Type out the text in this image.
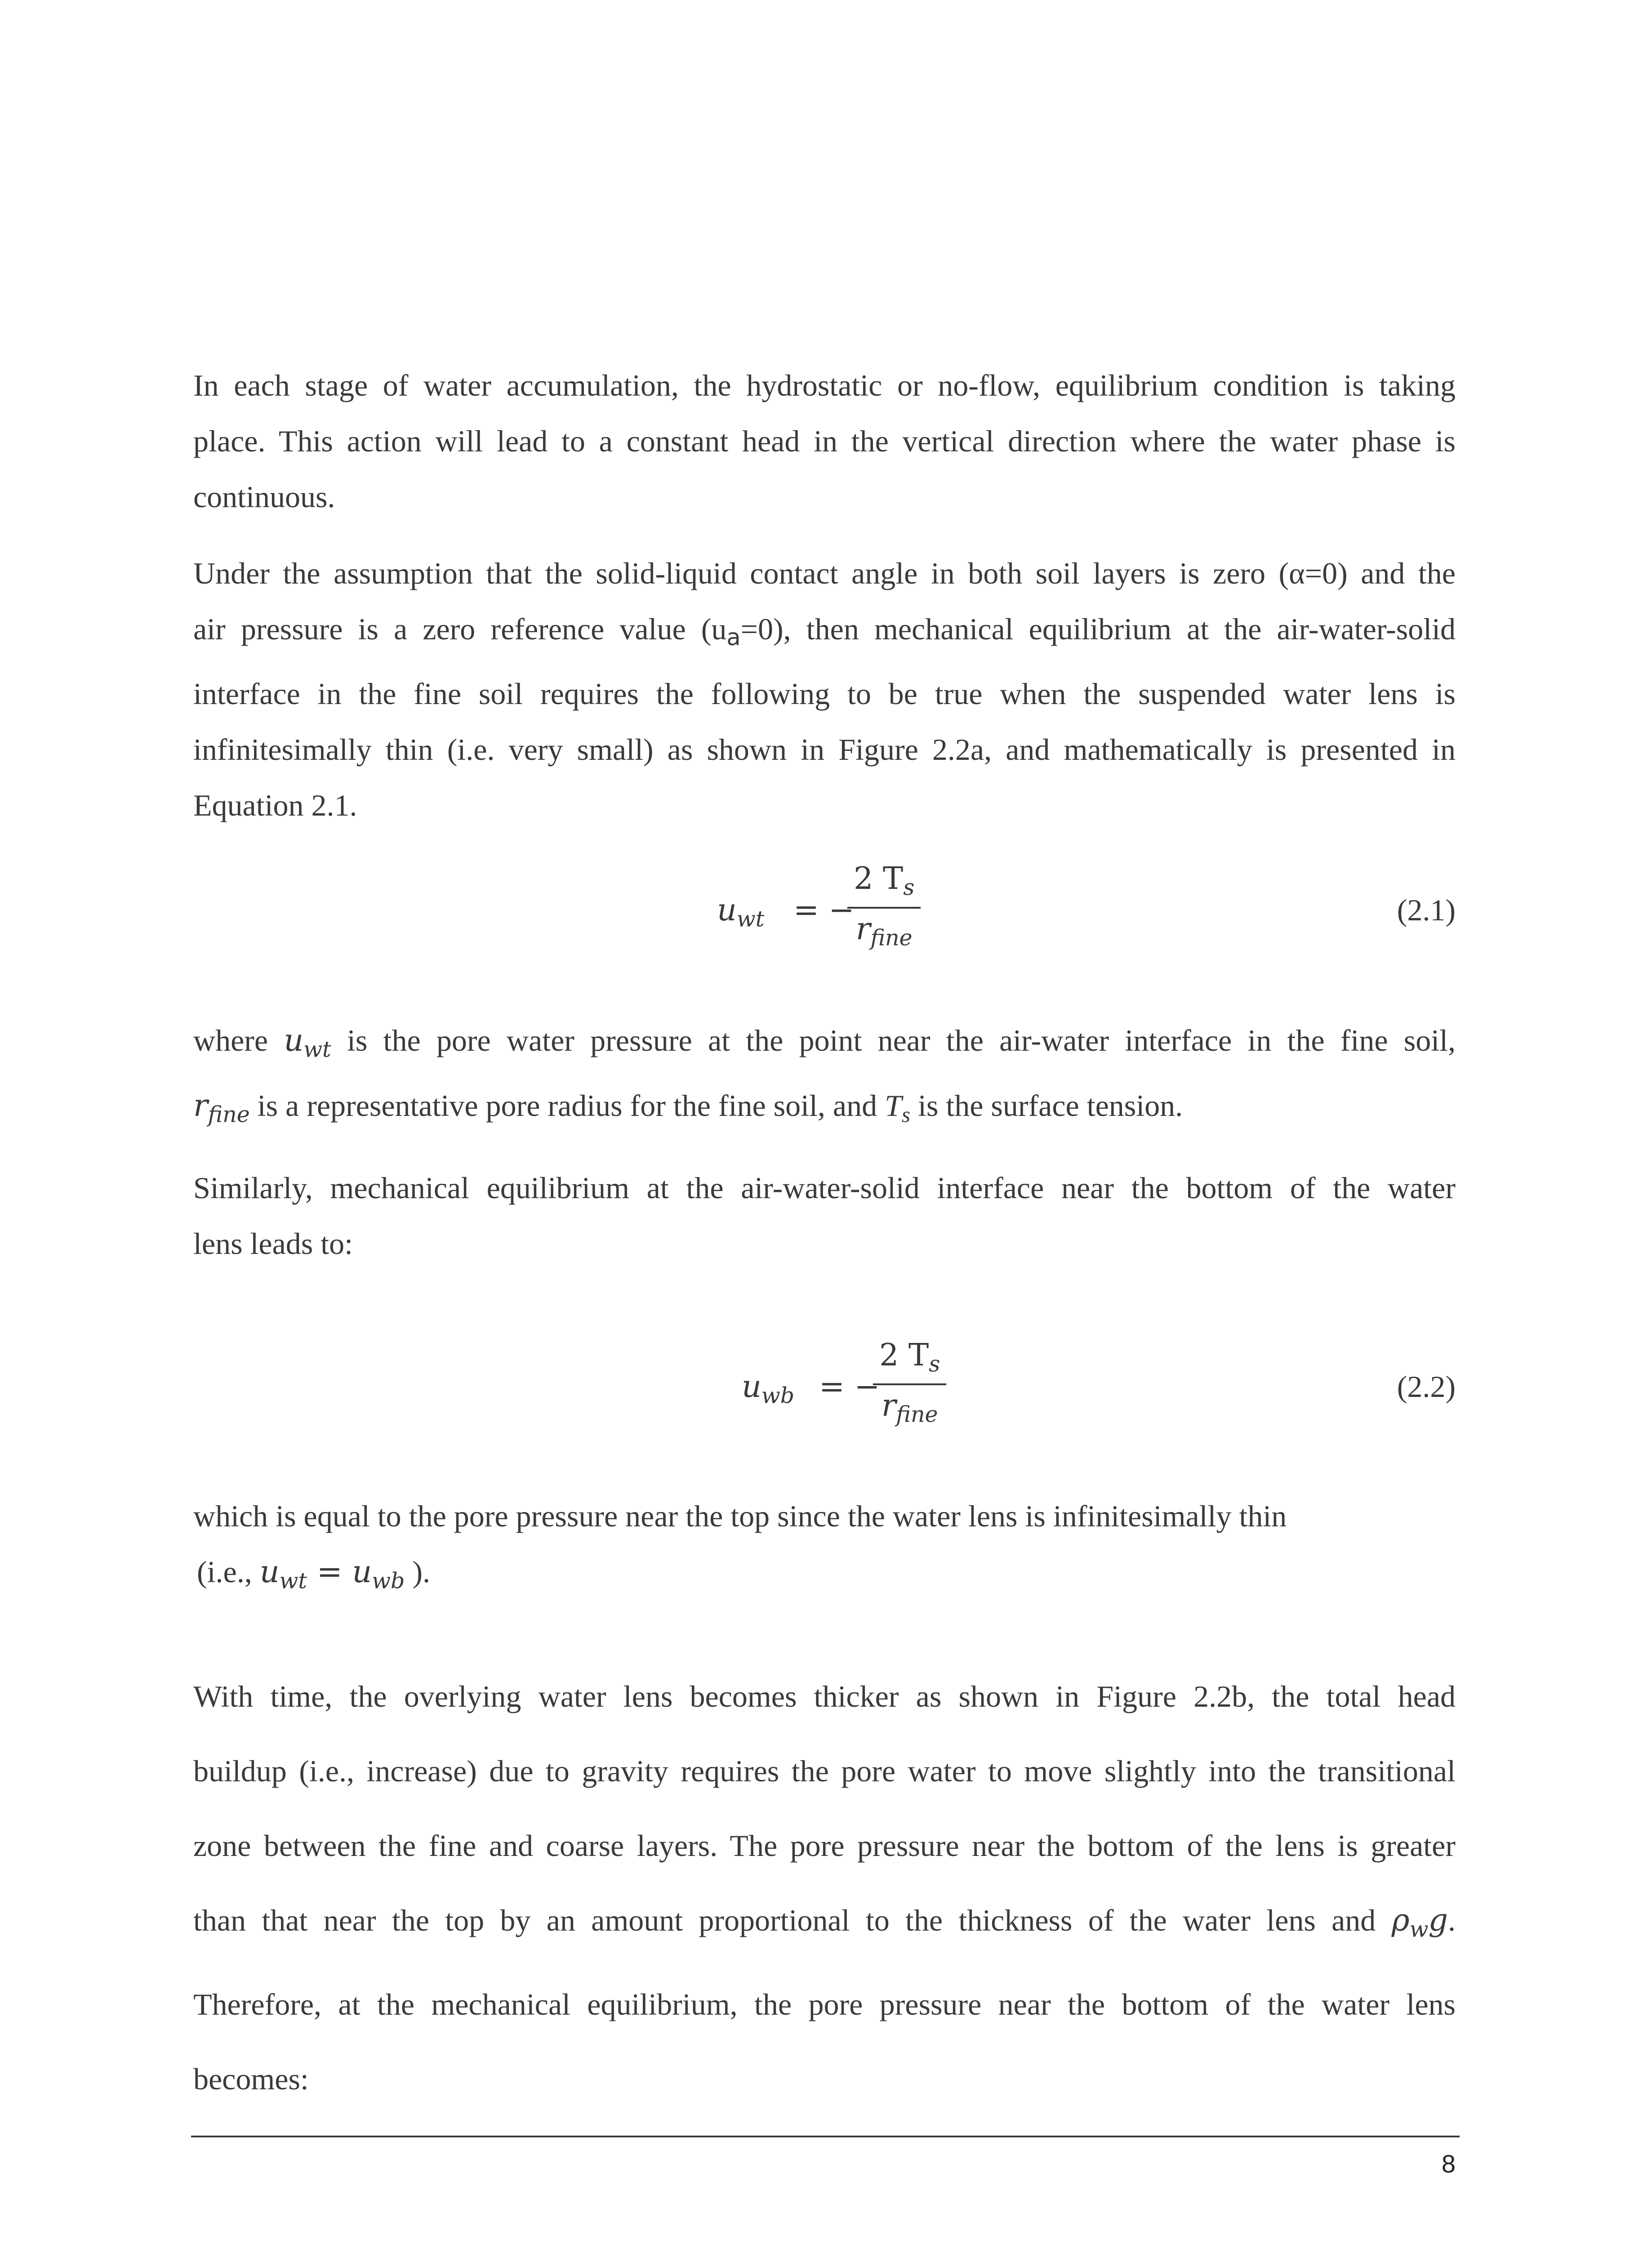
In each stage of water accumulation, the hydrostatic or no-flow, equilibrium condition is taking
place. This action will lead to a constant head in the vertical direction where the water phase is
continuous.
Under the assumption that the solid-liquid contact angle in both soil layers is zero (α=0) and the
air pressure is a zero reference value (ua=0), then mechanical equilibrium at the air-water-solid
interface in the fine soil requires the following to be true when the suspended water lens is
infinitesimally thin (i.e. very small) as shown in Figure 2.2a, and mathematically is presented in
Equation 2.1.
$u_{wt}$ = −
2 $T_s$
$r_{fine}$
(2.1)
where $u_{wt}$ is the pore water pressure at the point near the air-water interface in the fine soil,
$r_{fine}$ is a representative pore radius for the fine soil, and $T_s$ is the surface tension.
Similarly, mechanical equilibrium at the air-water-solid interface near the bottom of the water
lens leads to:
$u_{wb}$ = −
2 $T_s$
$r_{fine}$
(2.2)
which is equal to the pore pressure near the top since the water lens is infinitesimally thin
(i.e., $u_{wt} = u_{wb}$ ).
With time, the overlying water lens becomes thicker as shown in Figure 2.2b, the total head
buildup (i.e., increase) due to gravity requires the pore water to move slightly into the transitional
zone between the fine and coarse layers. The pore pressure near the bottom of the lens is greater
than that near the top by an amount proportional to the thickness of the water lens and $\rho_wg$.
Therefore, at the mechanical equilibrium, the pore pressure near the bottom of the water lens
becomes:
8
